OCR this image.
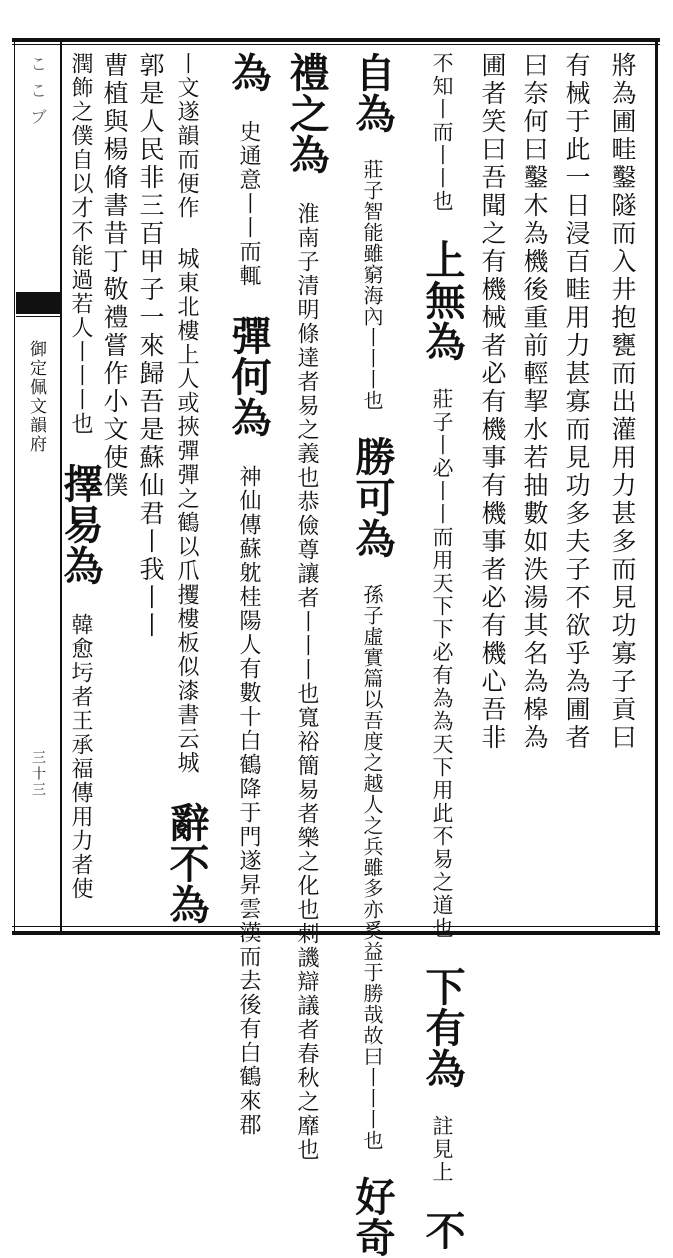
こ こ ブ
御定佩文韻府
三十三
將為圃畦鑿隧而入井抱甕而出灌用力甚多而見功寡子貢曰
有械于此一日浸百畦用力甚寡而見功多夫子不欲乎為圃者
曰奈何曰鑿木為機後重前輕挈水若抽數如泆湯其名為槔為
圃者笑曰吾聞之有機械者必有機事有機事者必有機心吾非
不知丨而丨丨也 上無為 莊子丨必丨丨而用天下下必有為為天下用此不易之道也 下有為 註見上 不
自為 莊子智能雖窮海內丨丨丨也 勝可為 孫子虛實篇以吾度之越人之兵雖多亦奚益于勝哉故曰丨丨丨也 好奇
禮之為 淮南子清明條達者易之義也恭儉尊讓者丨丨丨也寬裕簡易者樂之化也刺譏辯議者春秋之靡也
為 史通意丨丨而輒 彈何為 神仙傳蘇躭桂陽人有數十白鶴降于門遂昇雲漢而去後有白鶴來郡
丨文遂韻而便作 城東北樓上人或挾彈彈之鶴以爪攫樓板似漆書云城 辭不為
郭是人民非三百甲子一來歸吾是蘇仙君丨我丨丨
曹植與楊脩書昔丁敬禮嘗作小文使僕
潤飾之僕自以才不能過若人丨丨丨也 擇易為 韓愈圬者王承福傳用力者使
